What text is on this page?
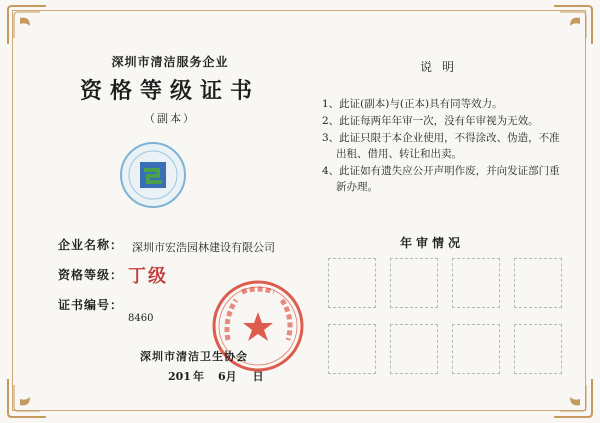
深圳市清洁服务企业
资格等级证书
（副本）
企业名称： 深圳市宏浩园林建设有限公司
资格等级： 丁级
证书编号：
8460
深圳市清洁卫生协会
201 年 6月 日
说明
1、此证(副本)与(正本)具有同等效力。
2、此证每两年年审一次，没有年审视为无效。
3、此证只限于本企业使用，不得涂改、伪造，不准出租、借用、转让和出卖。
4、此证如有遗失应公开声明作废，并向发证部门重新办理。
年审情况
